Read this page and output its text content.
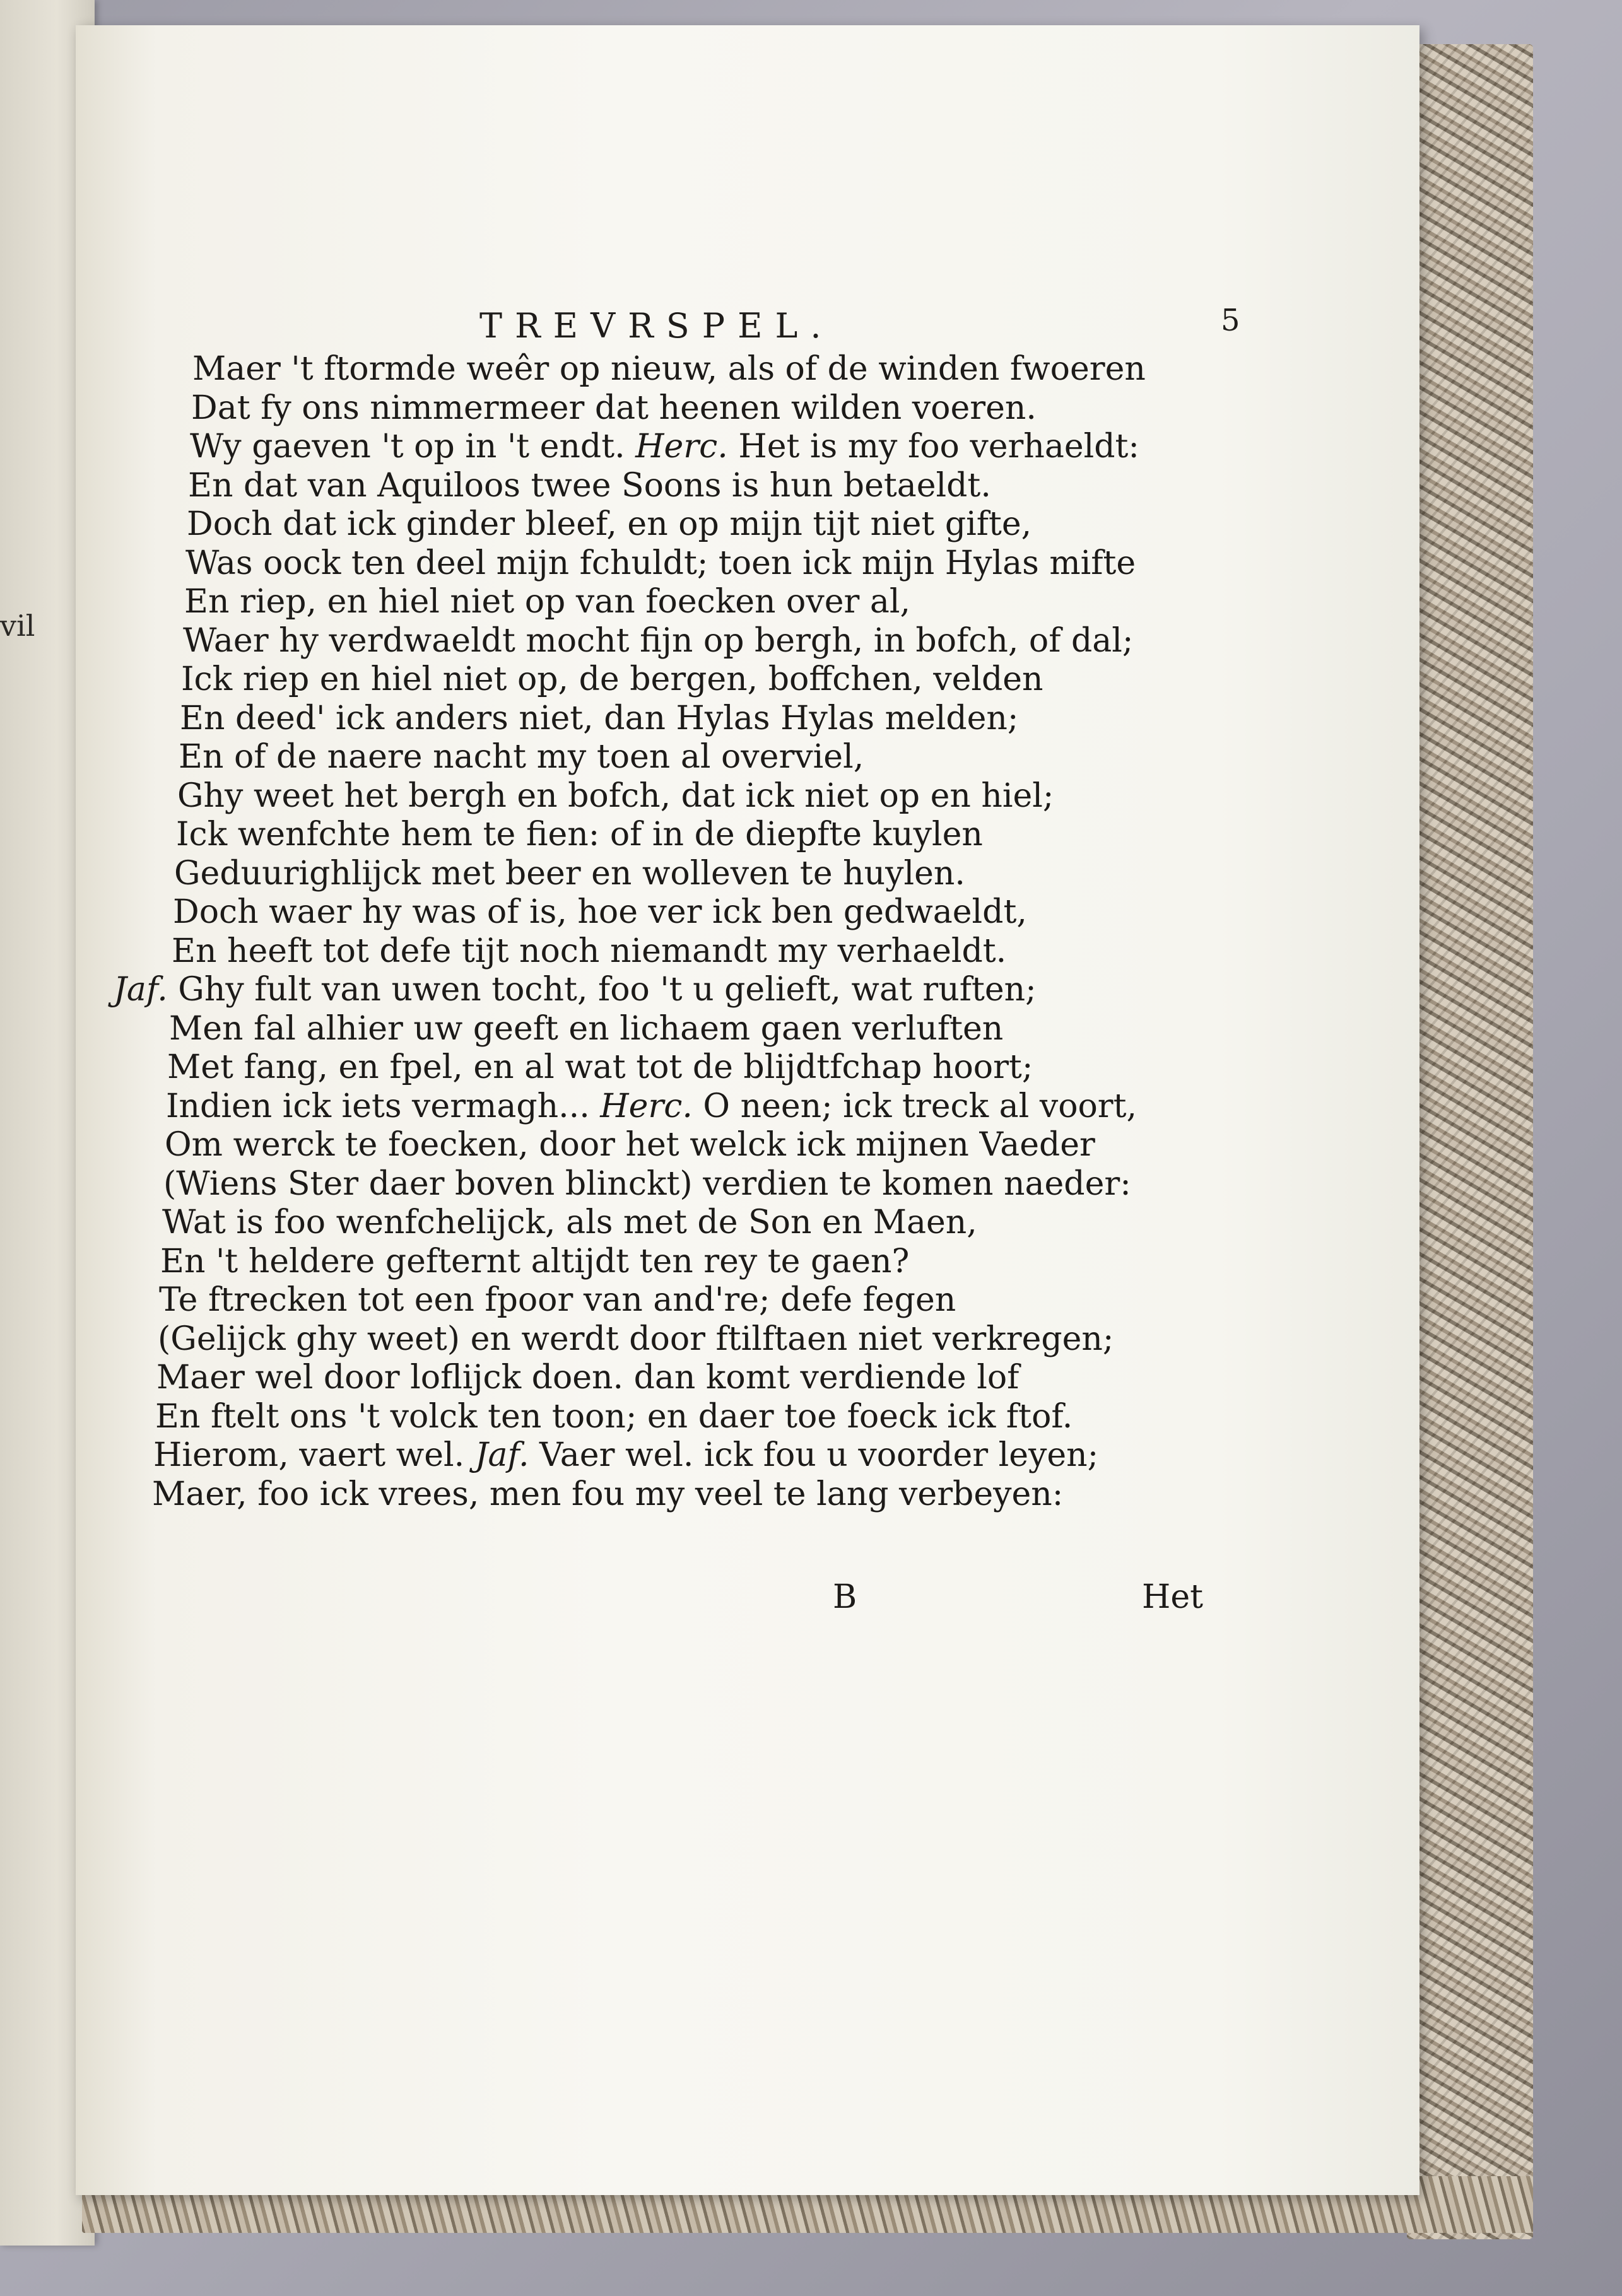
vil
TREVRSPEL.	5
Maer 't ftormde weêr op nieuw, als of de winden fwoeren
Dat fy ons nimmermeer dat heenen wilden voeren.
Wy gaeven 't op in 't endt. Herc. Het is my foo verhaeldt:
En dat van Aquiloos twee Soons is hun betaeldt.
Doch dat ick ginder bleef, en op mijn tijt niet gifte,
Was oock ten deel mijn fchuldt; toen ick mijn Hylas mifte
En riep, en hiel niet op van foecken over al,
Waer hy verdwaeldt mocht fijn op bergh, in bofch, of dal;
Ick riep en hiel niet op, de bergen, boffchen, velden
En deed' ick anders niet, dan Hylas Hylas melden;
En of de naere nacht my toen al overviel,
Ghy weet het bergh en bofch, dat ick niet op en hiel;
Ick wenfchte hem te fien: of in de diepfte kuylen
Geduurighlijck met beer en wolleven te huylen.
Doch waer hy was of is, hoe ver ick ben gedwaeldt,
En heeft tot defe tijt noch niemandt my verhaeldt.
Jaf. Ghy fult van uwen tocht, foo 't u gelieft, wat ruften;
Men fal alhier uw geeft en lichaem gaen verluften
Met fang, en fpel, en al wat tot de blijdtfchap hoort;
Indien ick iets vermagh... Herc. O neen; ick treck al voort,
Om werck te foecken, door het welck ick mijnen Vaeder
(Wiens Ster daer boven blinckt) verdien te komen naeder:
Wat is foo wenfchelijck, als met de Son en Maen,
En 't heldere gefternt altijdt ten rey te gaen?
Te ftrecken tot een fpoor van and're; defe fegen
(Gelijck ghy weet) en werdt door ftilftaen niet verkregen;
Maer wel door loflijck doen. dan komt verdiende lof
En ftelt ons 't volck ten toon; en daer toe foeck ick ftof.
Hierom, vaert wel. Jaf. Vaer wel. ick fou u voorder leyen;
Maer, foo ick vrees, men fou my veel te lang verbeyen:
B	Het
